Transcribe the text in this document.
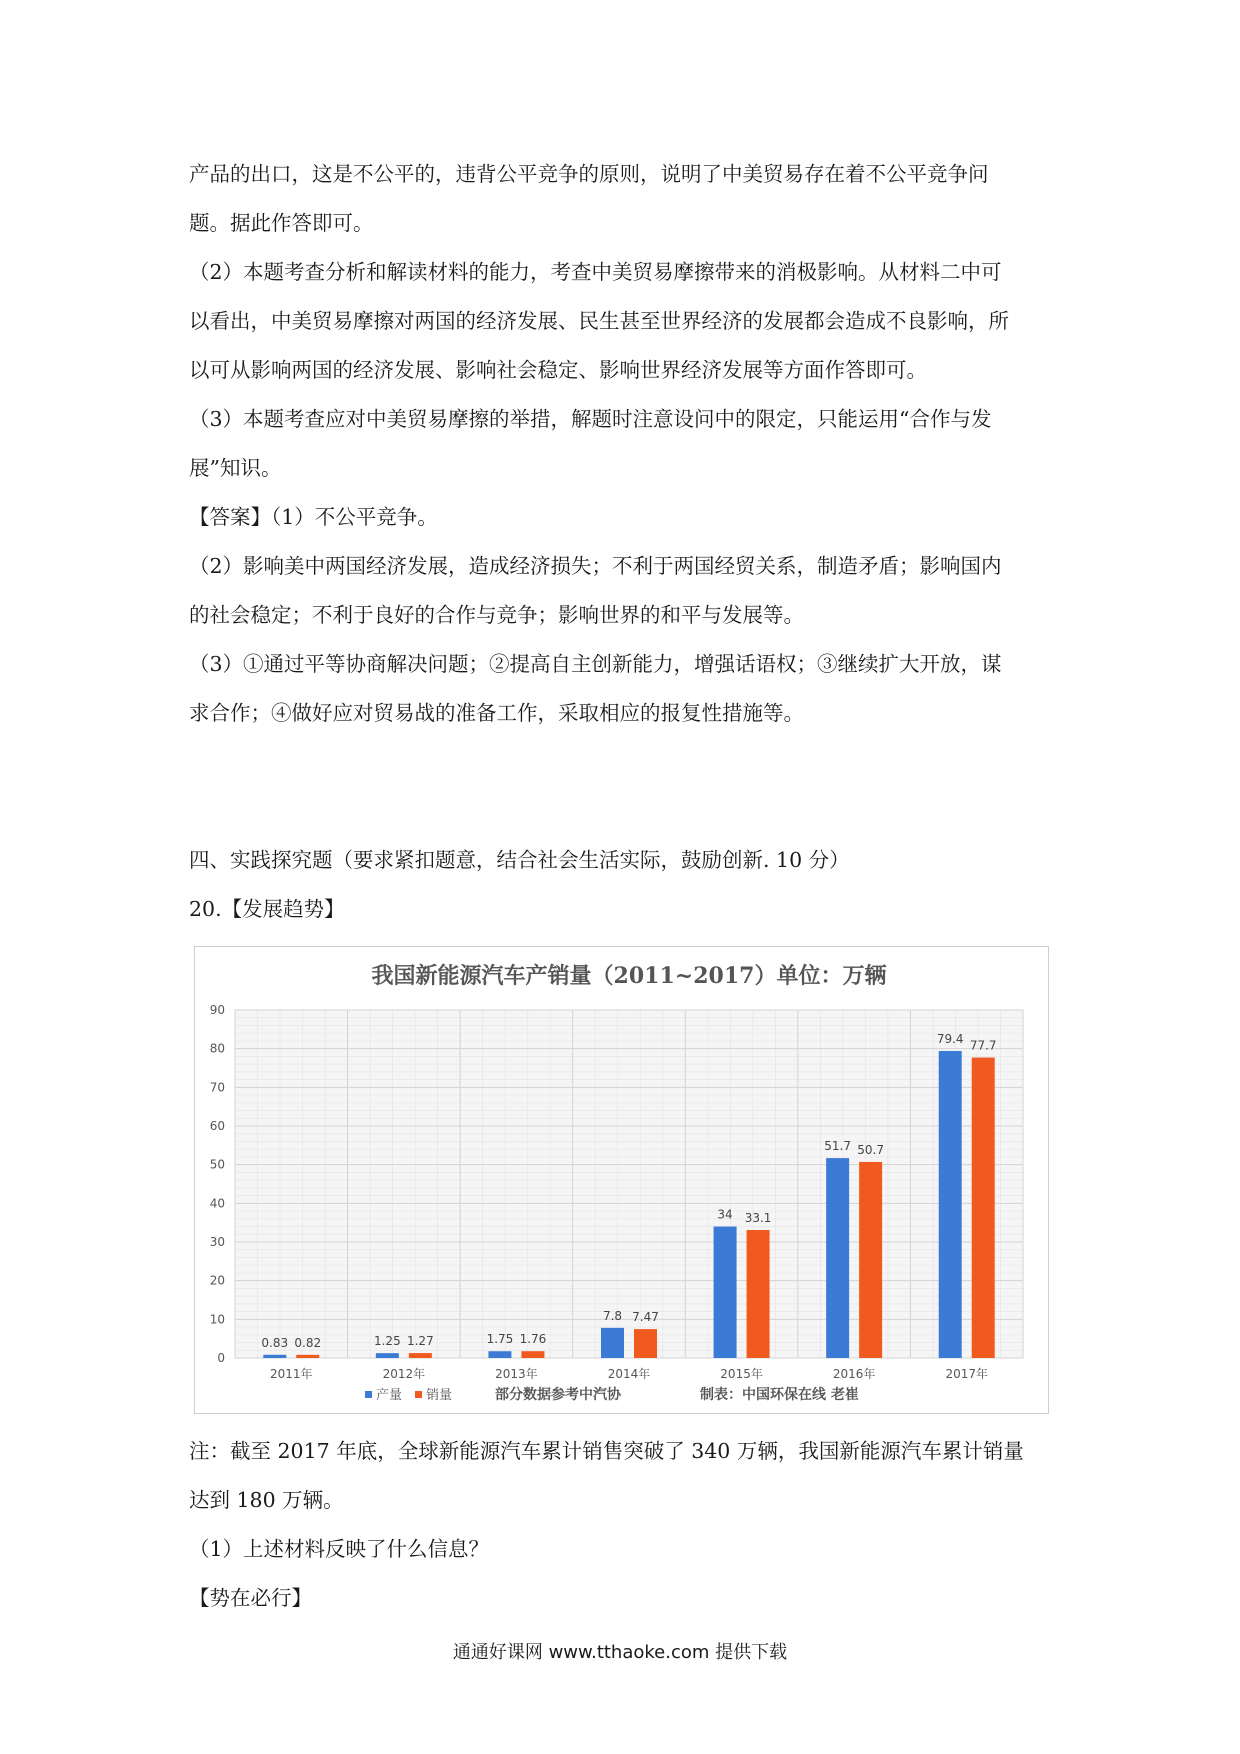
产品的出口，这是不公平的，违背公平竞争的原则，说明了中美贸易存在着不公平竞争问

题。据此作答即可。

（2）本题考查分析和解读材料的能力，考查中美贸易摩擦带来的消极影响。从材料二中可

以看出，中美贸易摩擦对两国的经济发展、民生甚至世界经济的发展都会造成不良影响，所

以可从影响两国的经济发展、影响社会稳定、影响世界经济发展等方面作答即可。

（3）本题考查应对中美贸易摩擦的举措，解题时注意设问中的限定，只能运用“合作与发

展”知识。

【答案】（1）不公平竞争。

（2）影响美中两国经济发展，造成经济损失；不利于两国经贸关系，制造矛盾；影响国内

的社会稳定；不利于良好的合作与竞争；影响世界的和平与发展等。

（3）①通过平等协商解决问题；②提高自主创新能力，增强话语权；③继续扩大开放，谋

求合作；④做好应对贸易战的准备工作，采取相应的报复性措施等。

四、实践探究题（要求紧扣题意，结合社会生活实际，鼓励创新. 10 分）

20.【发展趋势】

我国新能源汽车产销量（2011~2017）单位：万辆
0
10
20
30
40
50
60
70
80
90
0.83 0.82
2011年
1.25 1.27
2012年
1.75 1.76
2013年
7.8 7.47
2014年
34 33.1
2015年
51.7 50.7
2016年
79.4 77.7
2017年
产量 销量	部分数据参考中汽协	制表：中国环保在线 老崔

注：截至 2017 年底，全球新能源汽车累计销售突破了 340 万辆，我国新能源汽车累计销量

达到 180 万辆。

（1）上述材料反映了什么信息？

【势在必行】

通通好课网 www.tthaoke.com 提供下载
